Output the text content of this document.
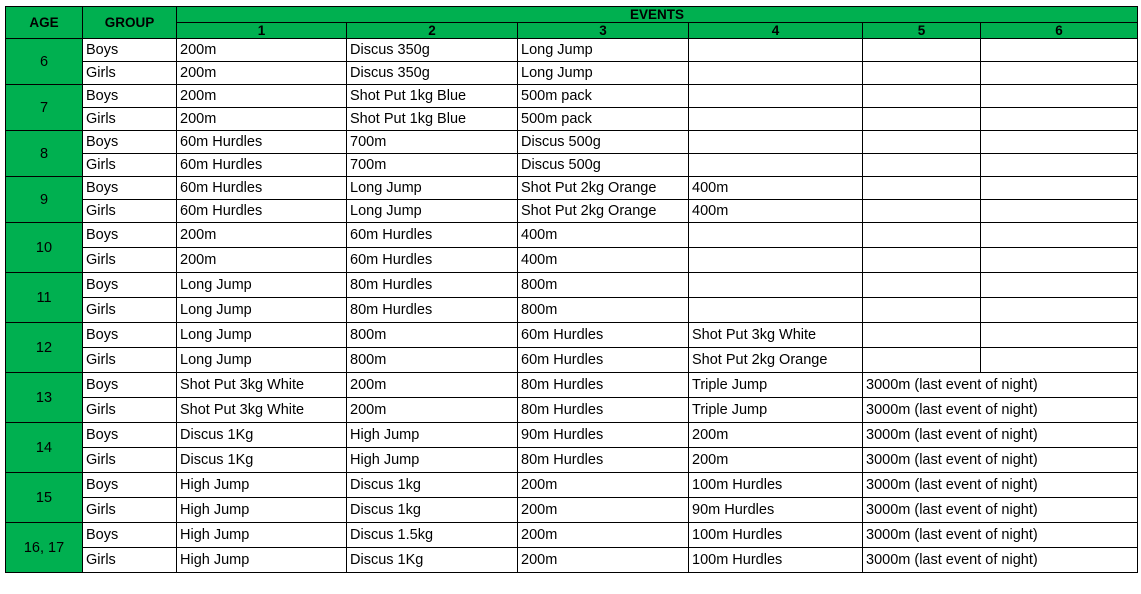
AGE	GROUP	EVENTS					
		1	2	3	4	5	6
6	Boys	200m	Discus 350g	Long Jump			
	Girls	200m	Discus 350g	Long Jump			
7	Boys	200m	Shot Put 1kg Blue	500m pack			
	Girls	200m	Shot Put 1kg Blue	500m pack			
8	Boys	60m Hurdles	700m	Discus 500g			
	Girls	60m Hurdles	700m	Discus 500g			
9	Boys	60m Hurdles	Long Jump	Shot Put 2kg Orange	400m		
	Girls	60m Hurdles	Long Jump	Shot Put 2kg Orange	400m		
10	Boys	200m	60m Hurdles	400m			
	Girls	200m	60m Hurdles	400m			
11	Boys	Long Jump	80m Hurdles	800m			
	Girls	Long Jump	80m Hurdles	800m			
12	Boys	Long Jump	800m	60m Hurdles	Shot Put 3kg White		
	Girls	Long Jump	800m	60m Hurdles	Shot Put 2kg Orange		
13	Boys	Shot Put 3kg White	200m	80m Hurdles	Triple Jump	3000m (last event of night)	
	Girls	Shot Put 3kg White	200m	80m Hurdles	Triple Jump	3000m (last event of night)	
14	Boys	Discus 1Kg	High Jump	90m Hurdles	200m	3000m (last event of night)	
	Girls	Discus 1Kg	High Jump	80m Hurdles	200m	3000m (last event of night)	
15	Boys	High Jump	Discus 1kg	200m	100m Hurdles	3000m (last event of night)	
	Girls	High Jump	Discus 1kg	200m	90m Hurdles	3000m (last event of night)	
16, 17	Boys	High Jump	Discus 1.5kg	200m	100m Hurdles	3000m (last event of night)	
	Girls	High Jump	Discus 1Kg	200m	100m Hurdles	3000m (last event of night)	
